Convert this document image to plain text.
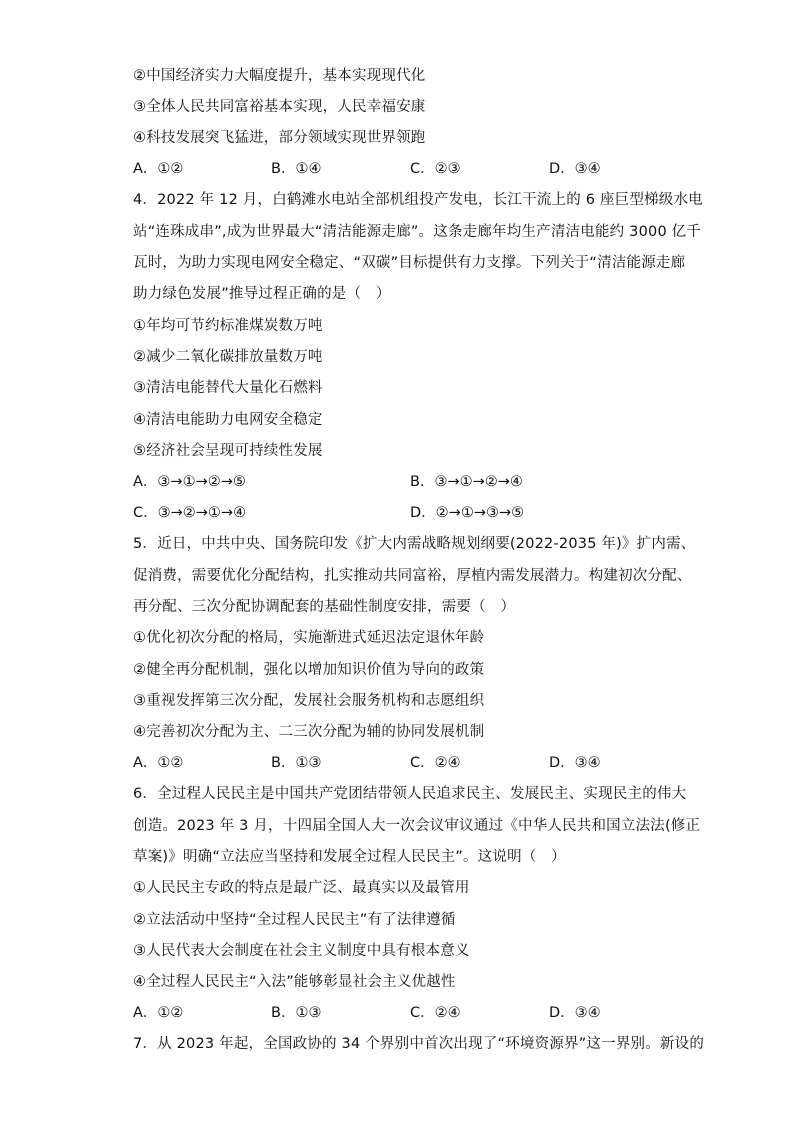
②中国经济实力大幅度提升，基本实现现代化
③全体人民共同富裕基本实现，人民幸福安康
④科技发展突飞猛进，部分领域实现世界领跑
A．①②	B．①④	C．②③	D．③④
4．2022 年 12 月，白鹤滩水电站全部机组投产发电，长江干流上的 6 座巨型梯级水电
站“连珠成串”,成为世界最大“清洁能源走廊”。这条走廊年均生产清洁电能约 3000 亿千
瓦时，为助力实现电网安全稳定、“双碳”目标提供有力支撑。下列关于“清洁能源走廊
助力绿色发展”推导过程正确的是（　）
①年均可节约标准煤炭数万吨
②减少二氧化碳排放量数万吨
③清洁电能替代大量化石燃料
④清洁电能助力电网安全稳定
⑤经济社会呈现可持续性发展
A．③→①→②→⑤	B．③→①→②→④
C．③→②→①→④	D．②→①→③→⑤
5．近日，中共中央、国务院印发《扩大内需战略规划纲要(2022-2035 年)》扩内需、
促消费，需要优化分配结构，扎实推动共同富裕，厚植内需发展潜力。构建初次分配、
再分配、三次分配协调配套的基础性制度安排，需要（　）
①优化初次分配的格局，实施渐进式延迟法定退休年龄
②健全再分配机制，强化以增加知识价值为导向的政策
③重视发挥第三次分配，发展社会服务机构和志愿组织
④完善初次分配为主、二三次分配为辅的协同发展机制
A．①②	B．①③	C．②④	D．③④
6．全过程人民民主是中国共产党团结带领人民追求民主、发展民主、实现民主的伟大
创造。2023 年 3 月，十四届全国人大一次会议审议通过《中华人民共和国立法法(修正
草案)》明确“立法应当坚持和发展全过程人民民主”。这说明（　）
①人民民主专政的特点是最广泛、最真实以及最管用
②立法活动中坚持“全过程人民民主”有了法律遵循
③人民代表大会制度在社会主义制度中具有根本意义
④全过程人民民主“入法”能够彰显社会主义优越性
A．①②	B．①③	C．②④	D．③④
7．从 2023 年起，全国政协的 34 个界别中首次出现了“环境资源界”这一界别。新设的
